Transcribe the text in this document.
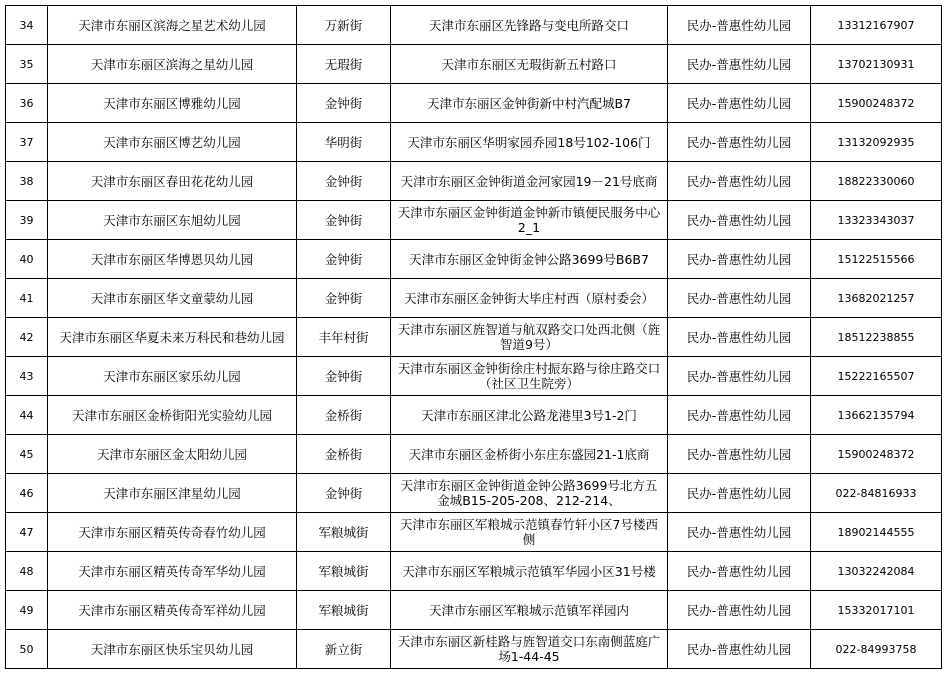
34	天津市东丽区滨海之星艺术幼儿园	万新街	天津市东丽区先锋路与变电所路交口	民办-普惠性幼儿园	13312167907
35	天津市东丽区滨海之星幼儿园	无瑕街	天津市东丽区无瑕街新五村路口	民办-普惠性幼儿园	13702130931
36	天津市东丽区博雅幼儿园	金钟街	天津市东丽区金钟街新中村汽配城B7	民办-普惠性幼儿园	15900248372
37	天津市东丽区博艺幼儿园	华明街	天津市东丽区华明家园乔园18号102-106门	民办-普惠性幼儿园	13132092935
38	天津市东丽区春田花花幼儿园	金钟街	天津市东丽区金钟街道金河家园19－21号底商	民办-普惠性幼儿园	18822330060
39	天津市东丽区东旭幼儿园	金钟街	天津市东丽区金钟街道金钟新市镇便民服务中心2_1	民办-普惠性幼儿园	13323343037
40	天津市东丽区华博恩贝幼儿园	金钟街	天津市东丽区金钟街金钟公路3699号B6B7	民办-普惠性幼儿园	15122515566
41	天津市东丽区华文童蒙幼儿园	金钟街	天津市东丽区金钟街大毕庄村西（原村委会）	民办-普惠性幼儿园	13682021257
42	天津市东丽区华夏未来万科民和巷幼儿园	丰年村街	天津市东丽区旌智道与航双路交口处西北侧（旌智道9号）	民办-普惠性幼儿园	18512238855
43	天津市东丽区家乐幼儿园	金钟街	天津市东丽区金钟街徐庄村振东路与徐庄路交口（社区卫生院旁）	民办-普惠性幼儿园	15222165507
44	天津市东丽区金桥街阳光实验幼儿园	金桥街	天津市东丽区津北公路龙港里3号1-2门	民办-普惠性幼儿园	13662135794
45	天津市东丽区金太阳幼儿园	金桥街	天津市东丽区金桥街小东庄东盛园21-1底商	民办-普惠性幼儿园	15900248372
46	天津市东丽区津星幼儿园	金钟街	天津市东丽区金钟街道金钟公路3699号北方五金城B15-205-208、212-214、	民办-普惠性幼儿园	022-84816933
47	天津市东丽区精英传奇春竹幼儿园	军粮城街	天津市东丽区军粮城示范镇春竹轩小区7号楼西侧	民办-普惠性幼儿园	18902144555
48	天津市东丽区精英传奇军华幼儿园	军粮城街	天津市东丽区军粮城示范镇军华园小区31号楼	民办-普惠性幼儿园	13032242084
49	天津市东丽区精英传奇军祥幼儿园	军粮城街	天津市东丽区军粮城示范镇军祥园内	民办-普惠性幼儿园	15332017101
50	天津市东丽区快乐宝贝幼儿园	新立街	天津市东丽区新桂路与旌智道交口东南侧蓝庭广场1-44-45	民办-普惠性幼儿园	022-84993758
